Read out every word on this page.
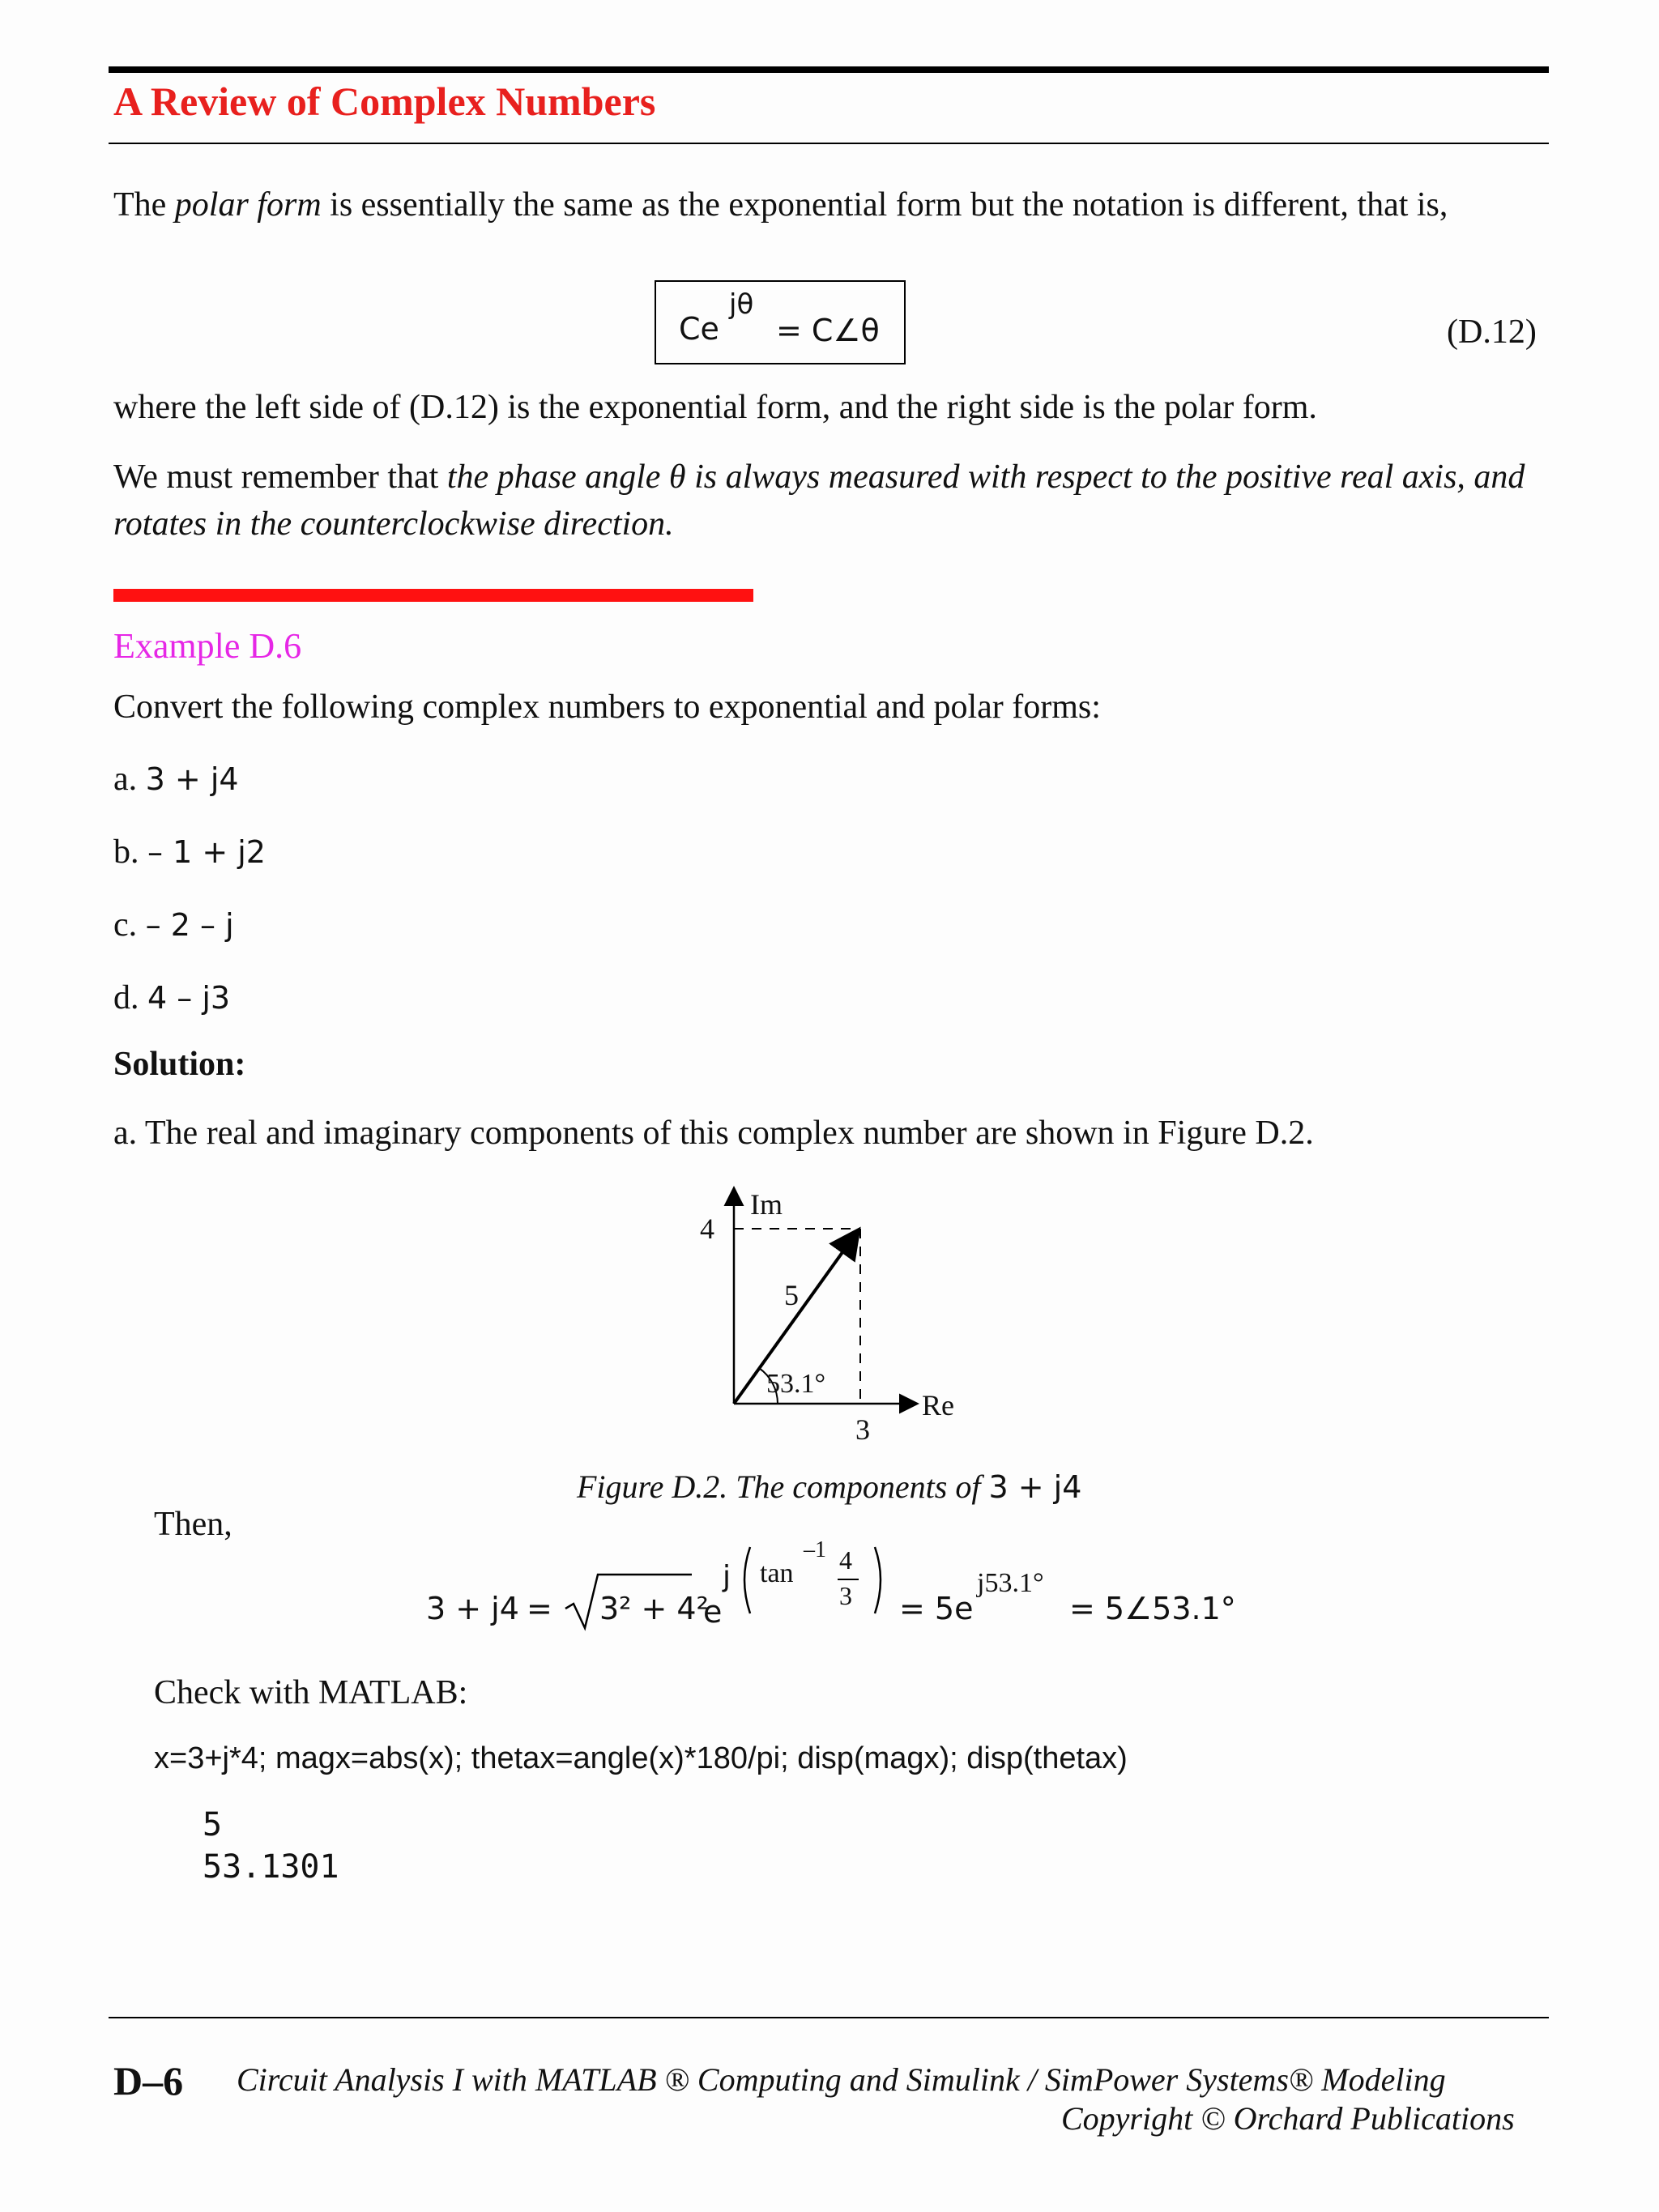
A Review of Complex Numbers
The polar form is essentially the same as the exponential form but the notation is different, that is,
Ce
jθ
= C∠θ	(D.12)
where the left side of (D.12) is the exponential form, and the right side is the polar form.
We must remember that the phase angle θ is always measured with respect to the positive real axis, and rotates in the counterclockwise direction.
Example D.6
Convert the following complex numbers to exponential and polar forms:
a. 3 + j4
b. – 1 + j2
c. – 2 – j
d. 4 – j3
Solution:
a. The real and imaginary components of this complex number are shown in Figure D.2.
Im
Re
4
3
5
53.1°
Figure D.2. The components of 3 + j4
Then,
3 + j4 = 3² + 4²
e
j tan
–1 4
3 = 5e
j53.1°
= 5∠53.1°
Check with MATLAB:
x=3+j*4; magx=abs(x); thetax=angle(x)*180/pi; disp(magx); disp(thetax)
5
53.1301
D–6 Circuit Analysis I with MATLAB ® Computing and Simulink / SimPower Systems® Modeling
Copyright © Orchard Publications
